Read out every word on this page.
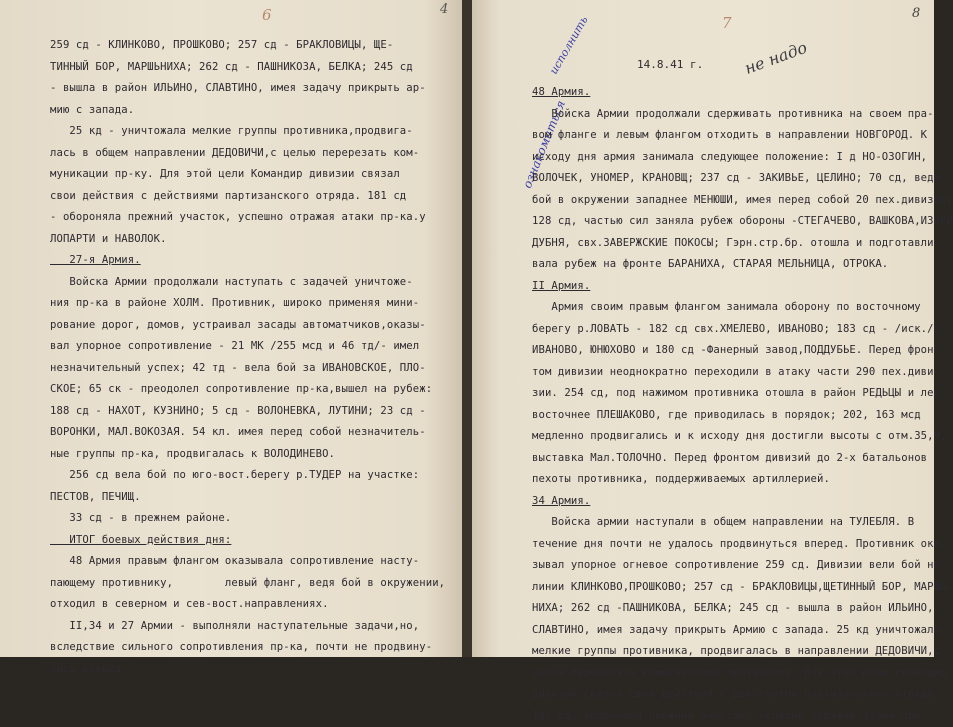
6	4
259 сд - КЛИНКОВО, ПРОШКОВО; 257 сд - БРАКЛОВИЦЫ, ЩЕ-
ТИННЫЙ БОР, МАРШЬНИХА; 262 сд - ПАШНИКОЗА, БЕЛКА; 245 сд
- вышла в район ИЛЬИНО, СЛАВТИНО, имея задачу прикрыть ар-
мию с запада.
25 кд - уничтожала мелкие группы противника,продвига-
лась в общем направлении ДЕДОВИЧИ,с целью перерезать ком-
муникации пр-ку. Для этой цели Командир дивизии связал
свои действия с действиями партизанского отряда. 181 сд
- обороняла прежний участок, успешно отражая атаки пр-ка.у
ЛОПАРТИ и НАВОЛОК.
27-я Армия.
Войска Армии продолжали наступать с задачей уничтоже-
ния пр-ка в районе ХОЛМ. Противник, широко применяя мини-
рование дорог, домов, устраивал засады автоматчиков,оказы-
вал упорное сопротивление - 21 МК /255 мсд и 46 тд/- имел
незначительный успех; 42 тд - вела бой за ИВАНОВСКОЕ, ПЛО-
СКОЕ; 65 ск - преодолел сопротивление пр-ка,вышел на рубеж:
188 сд - НАХОТ, КУЗНИНО; 5 сд - ВОЛОНЕВКА, ЛУТИНИ; 23 сд -
ВОРОНКИ, МАЛ.ВОКОЗАЯ. 54 кл. имея перед собой незначитель-
ные группы пр-ка, продвигалась к ВОЛОДИНЕВО.
256 сд вела бой по юго-вост.берегу р.ТУДЕР на участке:
ПЕСТОВ, ПЕЧИЩ.
33 сд - в прежнем районе.
ИТОГ боевых действия дня:
48 Армия правым флангом оказывала сопротивление насту-
пающему противнику,        левый фланг, ведя бой в окружении,
отходил в северном и сев-вост.направлениях.
II,34 и 27 Армии - выполняли наступательные задачи,но,
вследствие сильного сопротивления пр-ка, почти не продвину-
лись вперед.
7
8
14.8.41 г.
ознакомиться
исполнить	не надо
48 Армия.
Войска Армии продолжали сдерживать противника на своем пра-
вом фланге и левым флангом отходить в направлении НОВГОРОД. К
исходу дня армия занимала следующее положение: I д НО-ОЗОГИН,
ВОЛОЧЕК, УНОМЕР, КРАНОВЩ; 237 сд - ЗАКИВЬЕ, ЦЕЛИНО; 70 сд, веда
бой в окружении западнее МЕНЮШИ, имея перед собой 20 пех.дивизия;
128 сд, частью сил заняла рубеж обороны -СТЕГАЧЕВО, ВАШКОВА,ИЗОРИ
ДУБНЯ, свх.ЗАВЕРЖСКИЕ ПОКОСЫ; Гэрн.стр.бр. отошла и подготавли-
вала рубеж на фронте БАРАНИХА, СТАРАЯ МЕЛЬНИЦА, ОТРОКА.
II Армия.
Армия своим правым флангом занимала оборону по восточному
берегу р.ЛОВАТЬ - 182 сд свх.ХМЕЛЕВО, ИВАНОВО; 183 сд - /иск./
ИВАНОВО, ЮНЮХОВО и 180 сд -Фанерный завод,ПОДДУБЬЕ. Перед фрон-
том дивизии неоднократно переходили в атаку части 290 пех.диви-
зии. 254 сд, под нажимом противника отошла в район РЕДЬЦЫ и лес
восточнее ПЛЕШАКОВО, где приводилась в порядок; 202, 163 мсд
медленно продвигались и к исходу дня достигли высоты с отм.35,9,
выставка Мал.ТОЛОЧНО. Перед фронтом дивизий до 2-х батальонов
пехоты противника, поддерживаемых артиллерией.
34 Армия.
Войска армии наступали в общем направлении на ТУЛЕБЛЯ. В
течение дня почти не удалось продвинуться вперед. Противник ока-
зывал упорное огневое сопротивление 259 сд. Дивизии вели бой на
линии КЛИНКОВО,ПРОШКОВО; 257 сд - БРАКЛОВИЦЫ,ЩЕТИННЫЙ БОР, МАРШЬ-
НИХА; 262 сд -ПАШНИКОВА, БЕЛКА; 245 сд - вышла в район ИЛЬИНО,
СЛАВТИНО, имея задачу прикрыть Армию с запада. 25 кд уничтожала
мелкие группы противника, продвигалась в направлении ДЕДОВИЧИ,с
целью перерезать коммуникации противнику. Для этой цели командир
дивизии связал свои действия с действиями партизанского отряда
181 сд, обороняла прежний участок, успешно отражая атаки про-
